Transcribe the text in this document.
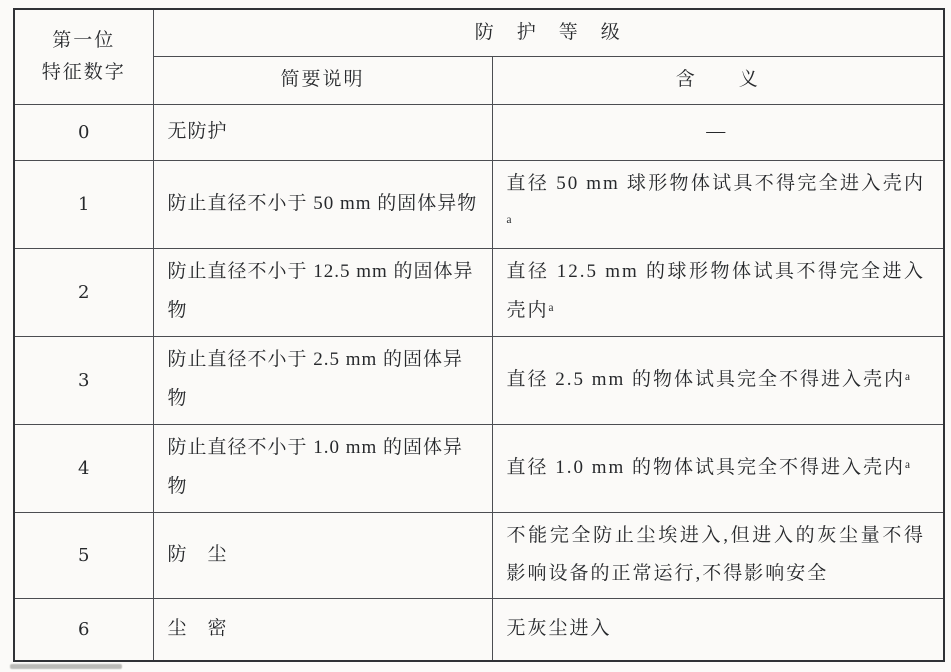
第一位
特征数字	防　护　等　级	
	简要说明	含　　义
0	无防护	—
1	防止直径不小于 50 mm 的固体异物	直径 50 mm 球形物体试具不得完全进入壳内ᵃ
2	防止直径不小于 12.5 mm 的固体异物	直径 12.5 mm 的球形物体试具不得完全进入壳内ᵃ
3	防止直径不小于 2.5 mm 的固体异物	直径 2.5 mm 的物体试具完全不得进入壳内ᵃ
4	防止直径不小于 1.0 mm 的固体异物	直径 1.0 mm 的物体试具完全不得进入壳内ᵃ
5	防　尘	不能完全防止尘埃进入,但进入的灰尘量不得影响设备的正常运行,不得影响安全
6	尘　密	无灰尘进入
